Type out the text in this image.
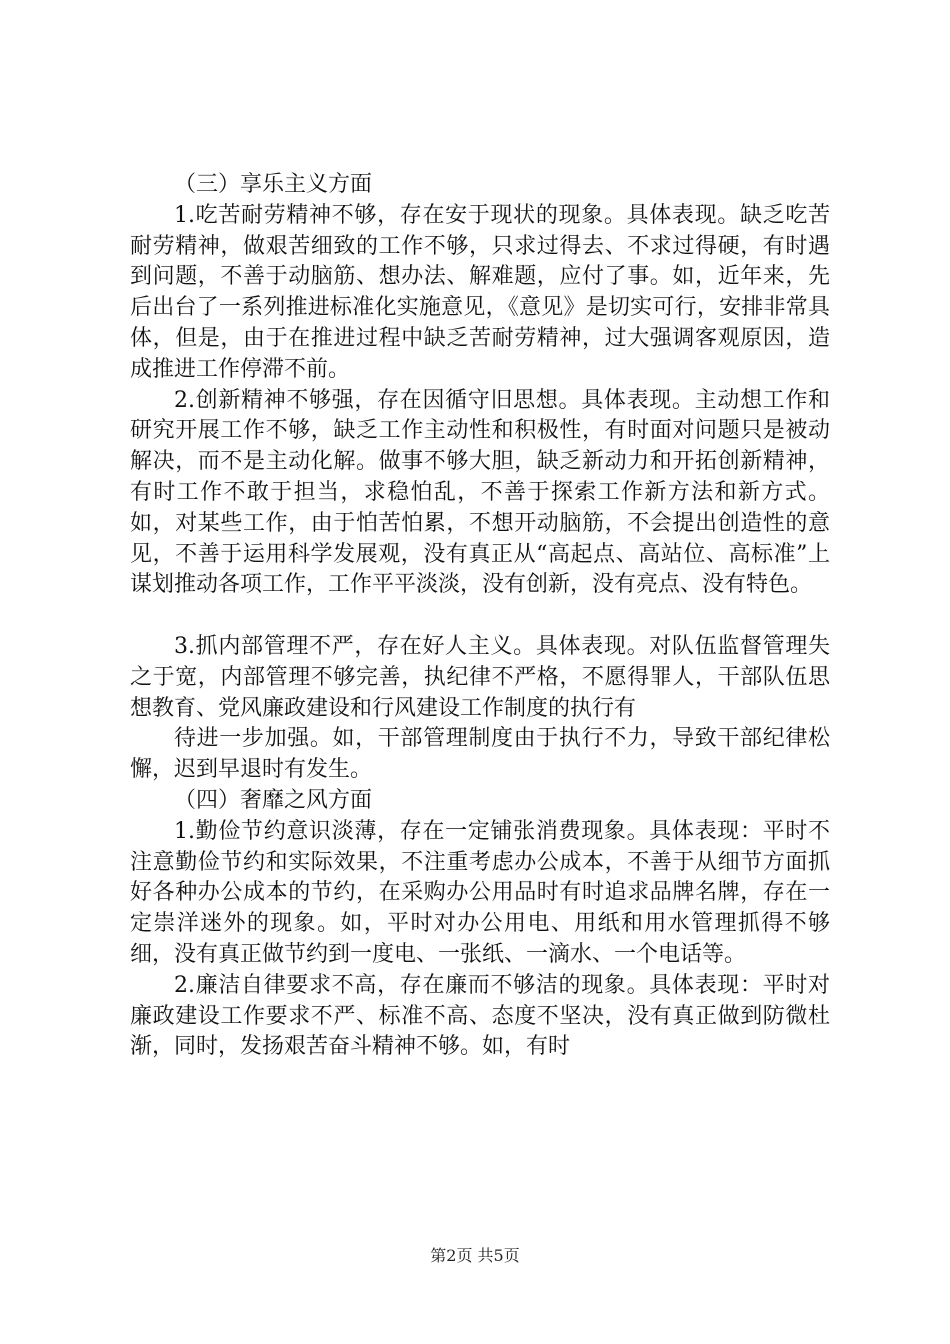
（三）享乐主义方面

1.吃苦耐劳精神不够，存在安于现状的现象。具体表现。缺乏吃苦耐劳精神，做艰苦细致的工作不够，只求过得去、不求过得硬，有时遇到问题，不善于动脑筋、想办法、解难题，应付了事。如，近年来，先后出台了一系列推进标准化实施意见，《意见》是切实可行，安排非常具体，但是，由于在推进过程中缺乏苦耐劳精神，过大强调客观原因，造成推进工作停滞不前。

2.创新精神不够强，存在因循守旧思想。具体表现。主动想工作和研究开展工作不够，缺乏工作主动性和积极性，有时面对问题只是被动解决，而不是主动化解。做事不够大胆，缺乏新动力和开拓创新精神，有时工作不敢于担当，求稳怕乱，不善于探索工作新方法和新方式。如，对某些工作，由于怕苦怕累，不想开动脑筋，不会提出创造性的意见，不善于运用科学发展观，没有真正从“高起点、高站位、高标准”上谋划推动各项工作，工作平平淡淡，没有创新，没有亮点、没有特色。

3.抓内部管理不严，存在好人主义。具体表现。对队伍监督管理失之于宽，内部管理不够完善，执纪律不严格，不愿得罪人，干部队伍思想教育、党风廉政建设和行风建设工作制度的执行有

待进一步加强。如，干部管理制度由于执行不力，导致干部纪律松懈，迟到早退时有发生。

（四）奢靡之风方面

1.勤俭节约意识淡薄，存在一定铺张消费现象。具体表现：平时不注意勤俭节约和实际效果，不注重考虑办公成本，不善于从细节方面抓好各种办公成本的节约，在采购办公用品时有时追求品牌名牌，存在一定崇洋迷外的现象。如，平时对办公用电、用纸和用水管理抓得不够细，没有真正做节约到一度电、一张纸、一滴水、一个电话等。

2.廉洁自律要求不高，存在廉而不够洁的现象。具体表现：平时对廉政建设工作要求不严、标准不高、态度不坚决，没有真正做到防微杜渐，同时，发扬艰苦奋斗精神不够。如，有时

第2页 共5页
